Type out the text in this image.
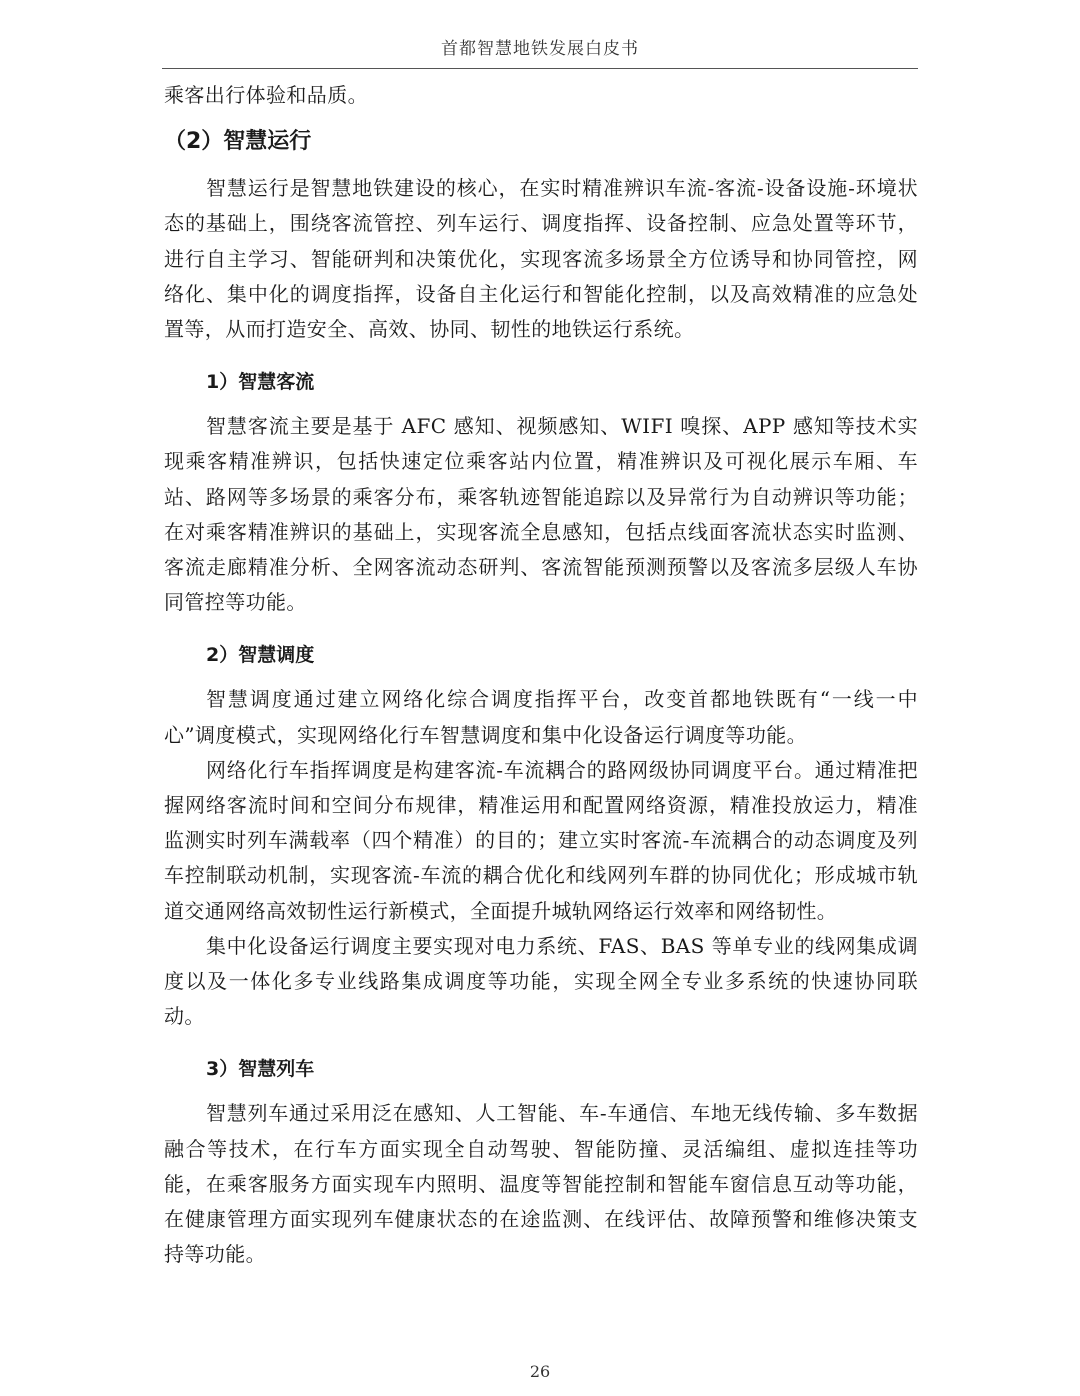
首都智慧地铁发展白皮书

乘客出行体验和品质。

（2）智慧运行

智慧运行是智慧地铁建设的核心，在实时精准辨识车流-客流-设备设施-环境状态的基础上，围绕客流管控、列车运行、调度指挥、设备控制、应急处置等环节，进行自主学习、智能研判和决策优化，实现客流多场景全方位诱导和协同管控，网络化、集中化的调度指挥，设备自主化运行和智能化控制，以及高效精准的应急处置等，从而打造安全、高效、协同、韧性的地铁运行系统。

1）智慧客流

智慧客流主要是基于 AFC 感知、视频感知、WIFI 嗅探、APP 感知等技术实现乘客精准辨识，包括快速定位乘客站内位置，精准辨识及可视化展示车厢、车站、路网等多场景的乘客分布，乘客轨迹智能追踪以及异常行为自动辨识等功能；在对乘客精准辨识的基础上，实现客流全息感知，包括点线面客流状态实时监测、客流走廊精准分析、全网客流动态研判、客流智能预测预警以及客流多层级人车协同管控等功能。

2）智慧调度

智慧调度通过建立网络化综合调度指挥平台，改变首都地铁既有“一线一中心”调度模式，实现网络化行车智慧调度和集中化设备运行调度等功能。

网络化行车指挥调度是构建客流-车流耦合的路网级协同调度平台。通过精准把握网络客流时间和空间分布规律，精准运用和配置网络资源，精准投放运力，精准监测实时列车满载率（四个精准）的目的；建立实时客流-车流耦合的动态调度及列车控制联动机制，实现客流-车流的耦合优化和线网列车群的协同优化；形成城市轨道交通网络高效韧性运行新模式，全面提升城轨网络运行效率和网络韧性。

集中化设备运行调度主要实现对电力系统、FAS、BAS 等单专业的线网集成调度以及一体化多专业线路集成调度等功能，实现全网全专业多系统的快速协同联动。

3）智慧列车

智慧列车通过采用泛在感知、人工智能、车-车通信、车地无线传输、多车数据融合等技术，在行车方面实现全自动驾驶、智能防撞、灵活编组、虚拟连挂等功能，在乘客服务方面实现车内照明、温度等智能控制和智能车窗信息互动等功能，在健康管理方面实现列车健康状态的在途监测、在线评估、故障预警和维修决策支持等功能。

26
